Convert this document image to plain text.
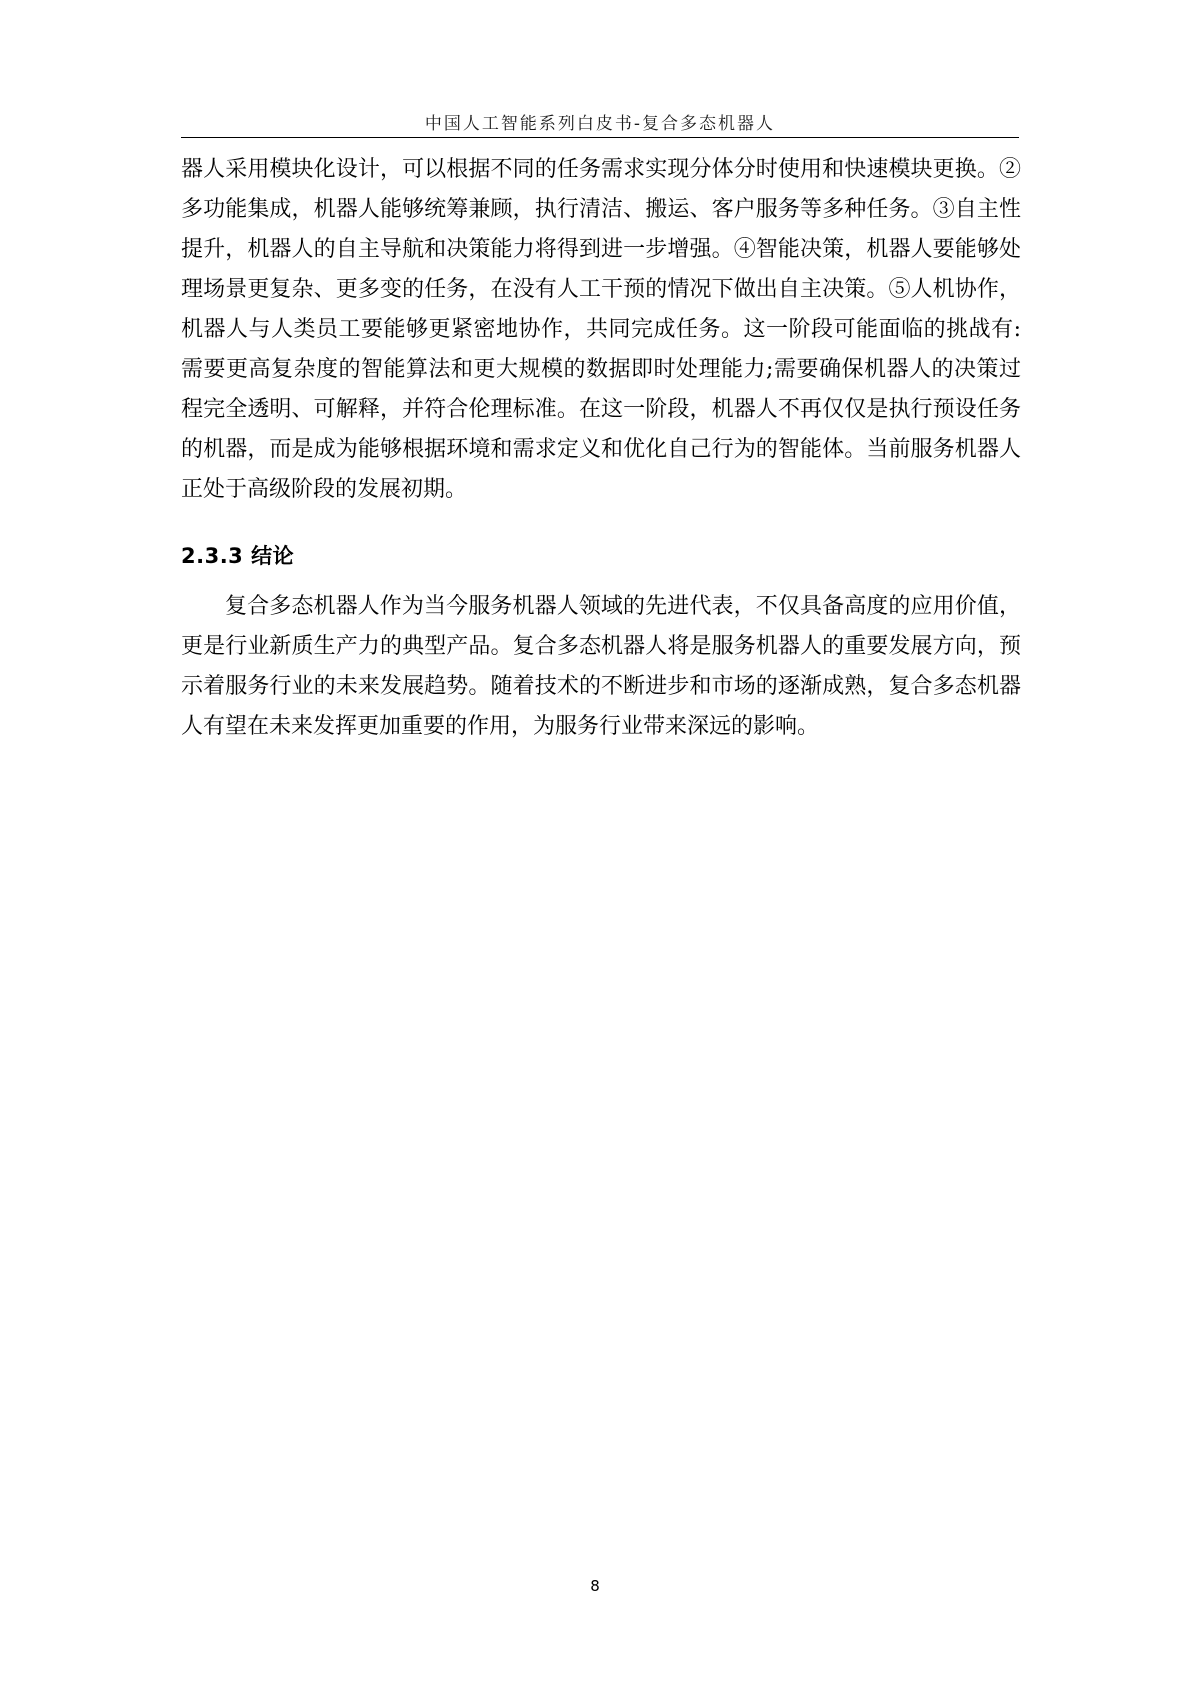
中国人工智能系列白皮书-复合多态机器人

器人采用模块化设计，可以根据不同的任务需求实现分体分时使用和快速模块更换。②多功能集成，机器人能够统筹兼顾，执行清洁、搬运、客户服务等多种任务。③自主性提升，机器人的自主导航和决策能力将得到进一步增强。④智能决策，机器人要能够处理场景更复杂、更多变的任务，在没有人工干预的情况下做出自主决策。⑤人机协作，机器人与人类员工要能够更紧密地协作，共同完成任务。这一阶段可能面临的挑战有:需要更高复杂度的智能算法和更大规模的数据即时处理能力;需要确保机器人的决策过程完全透明、可解释，并符合伦理标准。在这一阶段，机器人不再仅仅是执行预设任务的机器，而是成为能够根据环境和需求定义和优化自己行为的智能体。当前服务机器人正处于高级阶段的发展初期。

2.3.3 结论

复合多态机器人作为当今服务机器人领域的先进代表，不仅具备高度的应用价值，更是行业新质生产力的典型产品。复合多态机器人将是服务机器人的重要发展方向，预示着服务行业的未来发展趋势。随着技术的不断进步和市场的逐渐成熟，复合多态机器人有望在未来发挥更加重要的作用，为服务行业带来深远的影响。

8
